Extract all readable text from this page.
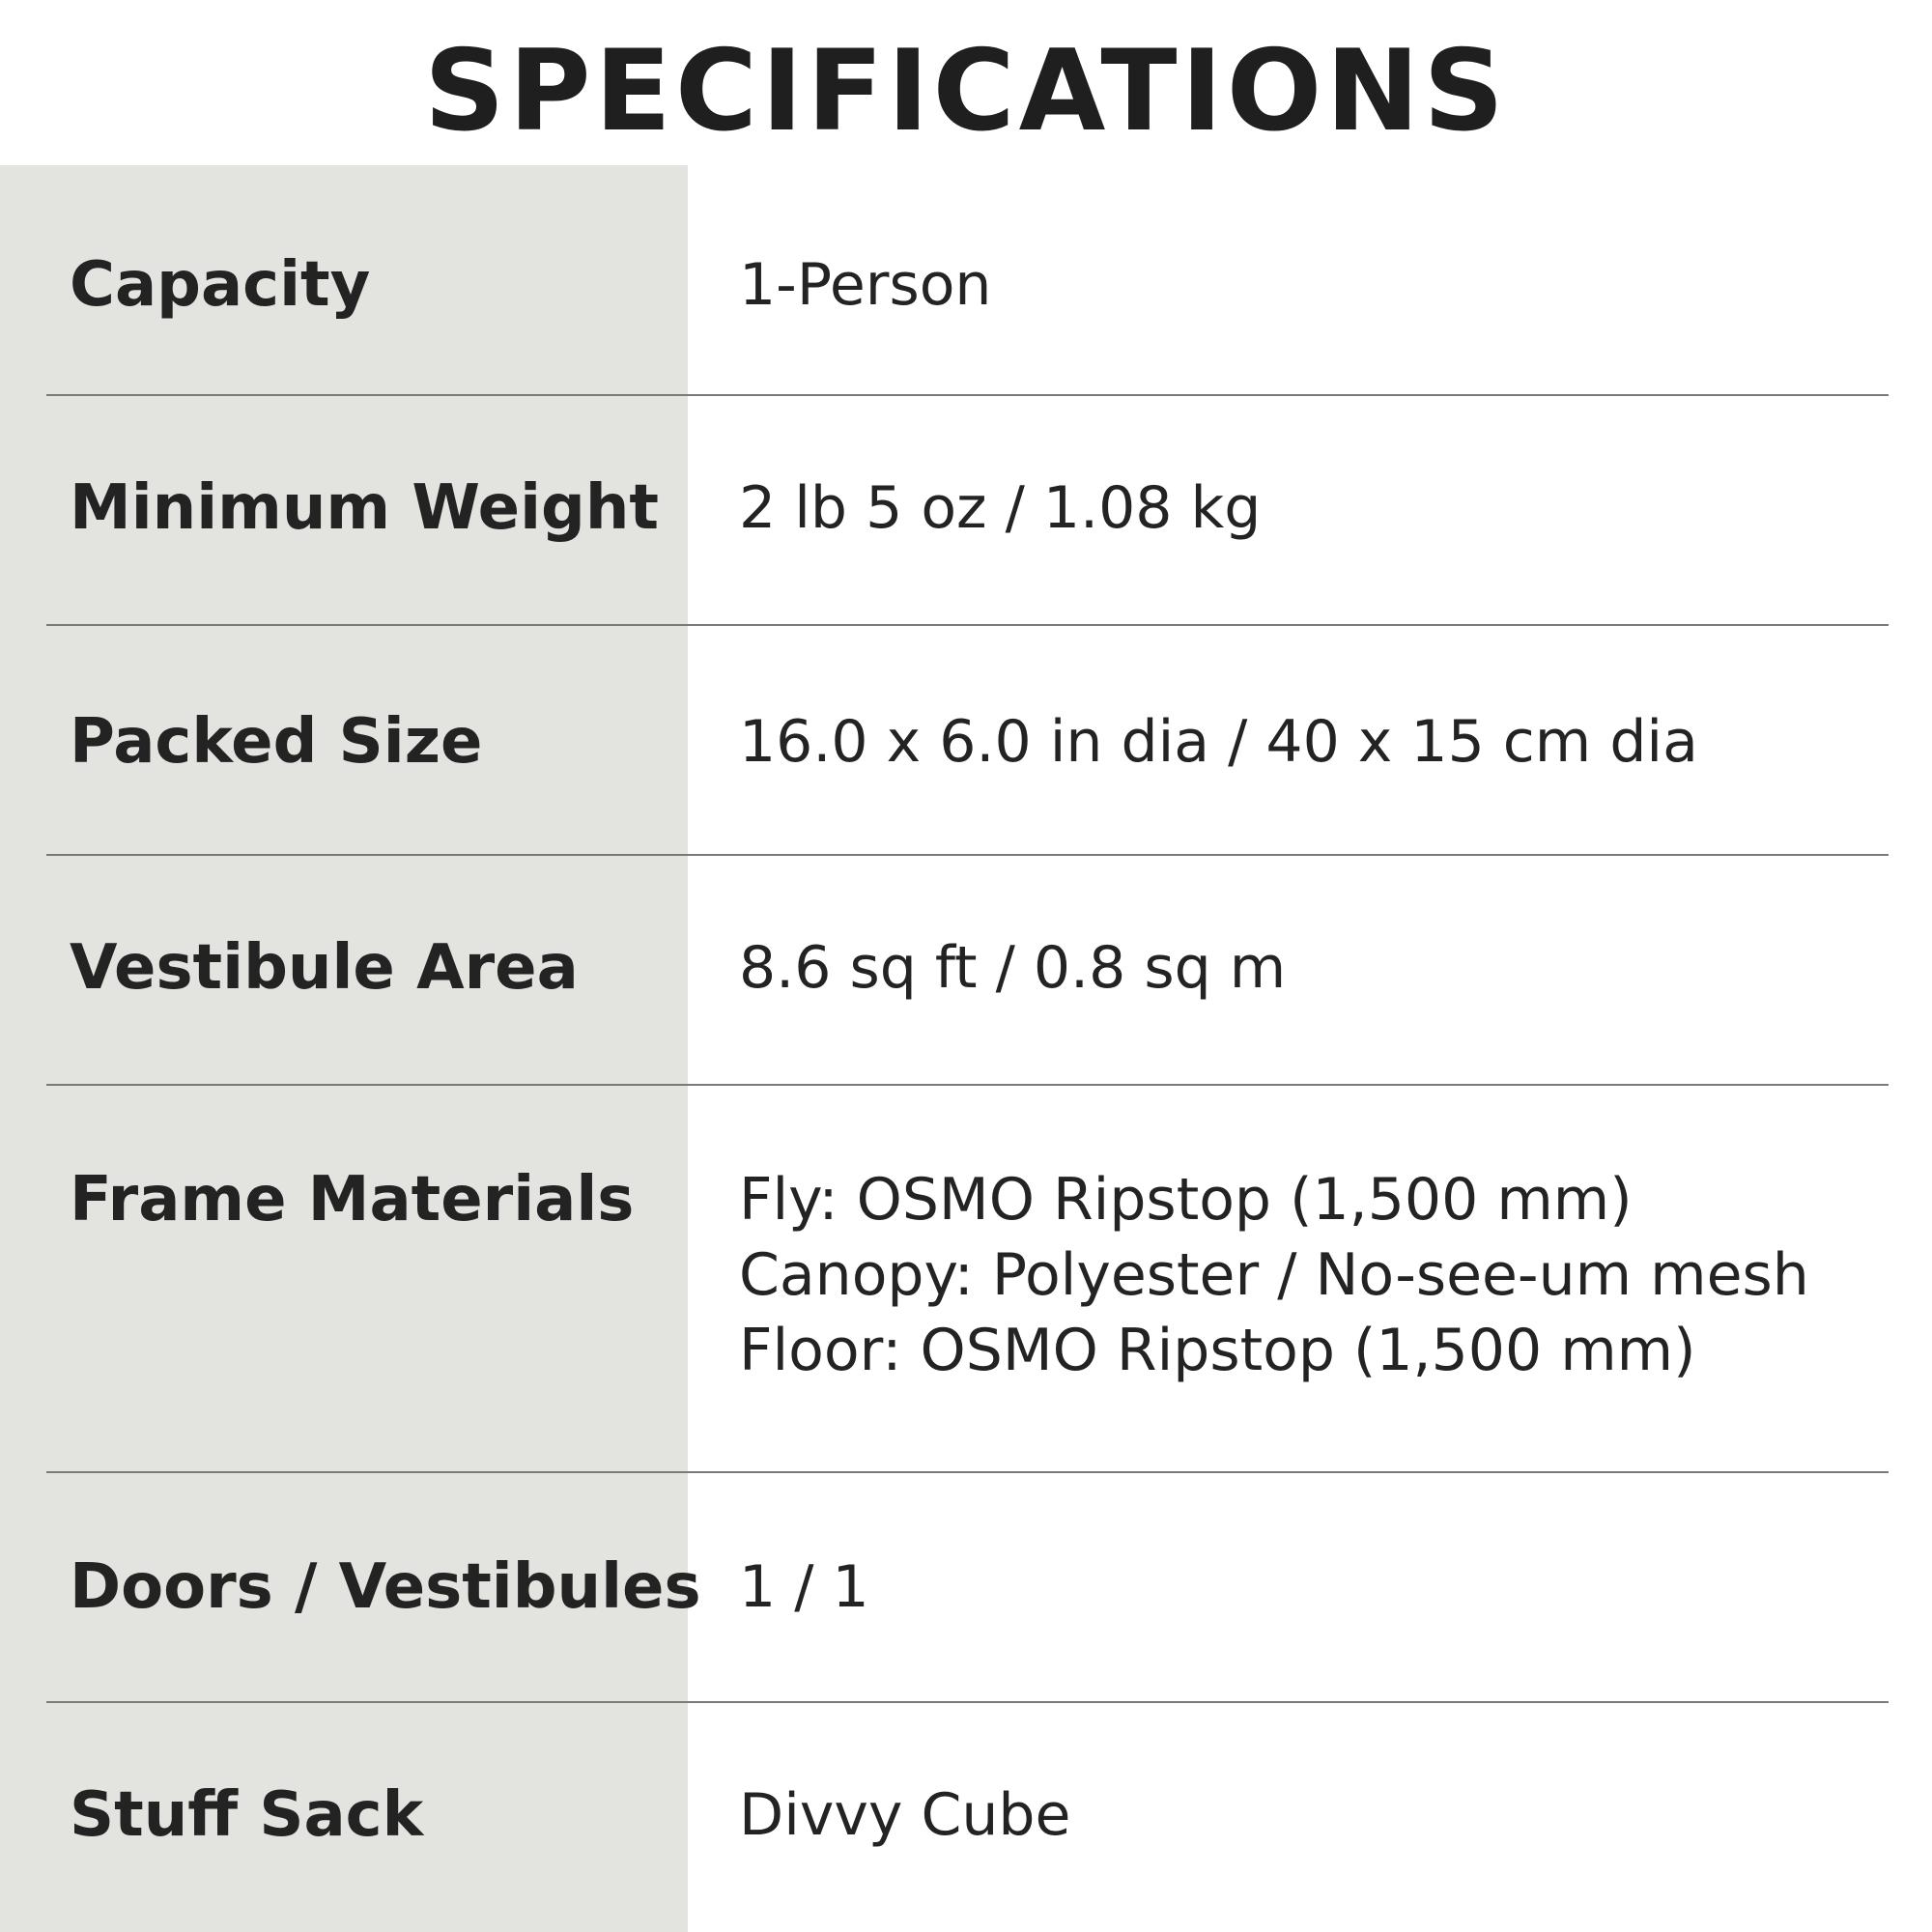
SPECIFICATIONS
Capacity	1-Person
Minimum Weight 2 lb 5 oz / 1.08 kg
Packed Size	16.0 x 6.0 in dia / 40 x 15 cm dia
Vestibule Area	8.6 sq ft / 0.8 sq m
Frame Materials	Fly: OSMO Ripstop (1,500 mm)
Canopy: Polyester / No-see-um mesh
Floor: OSMO Ripstop (1,500 mm)
Doors / Vestibules 1 / 1
Stuff Sack	Divvy Cube
